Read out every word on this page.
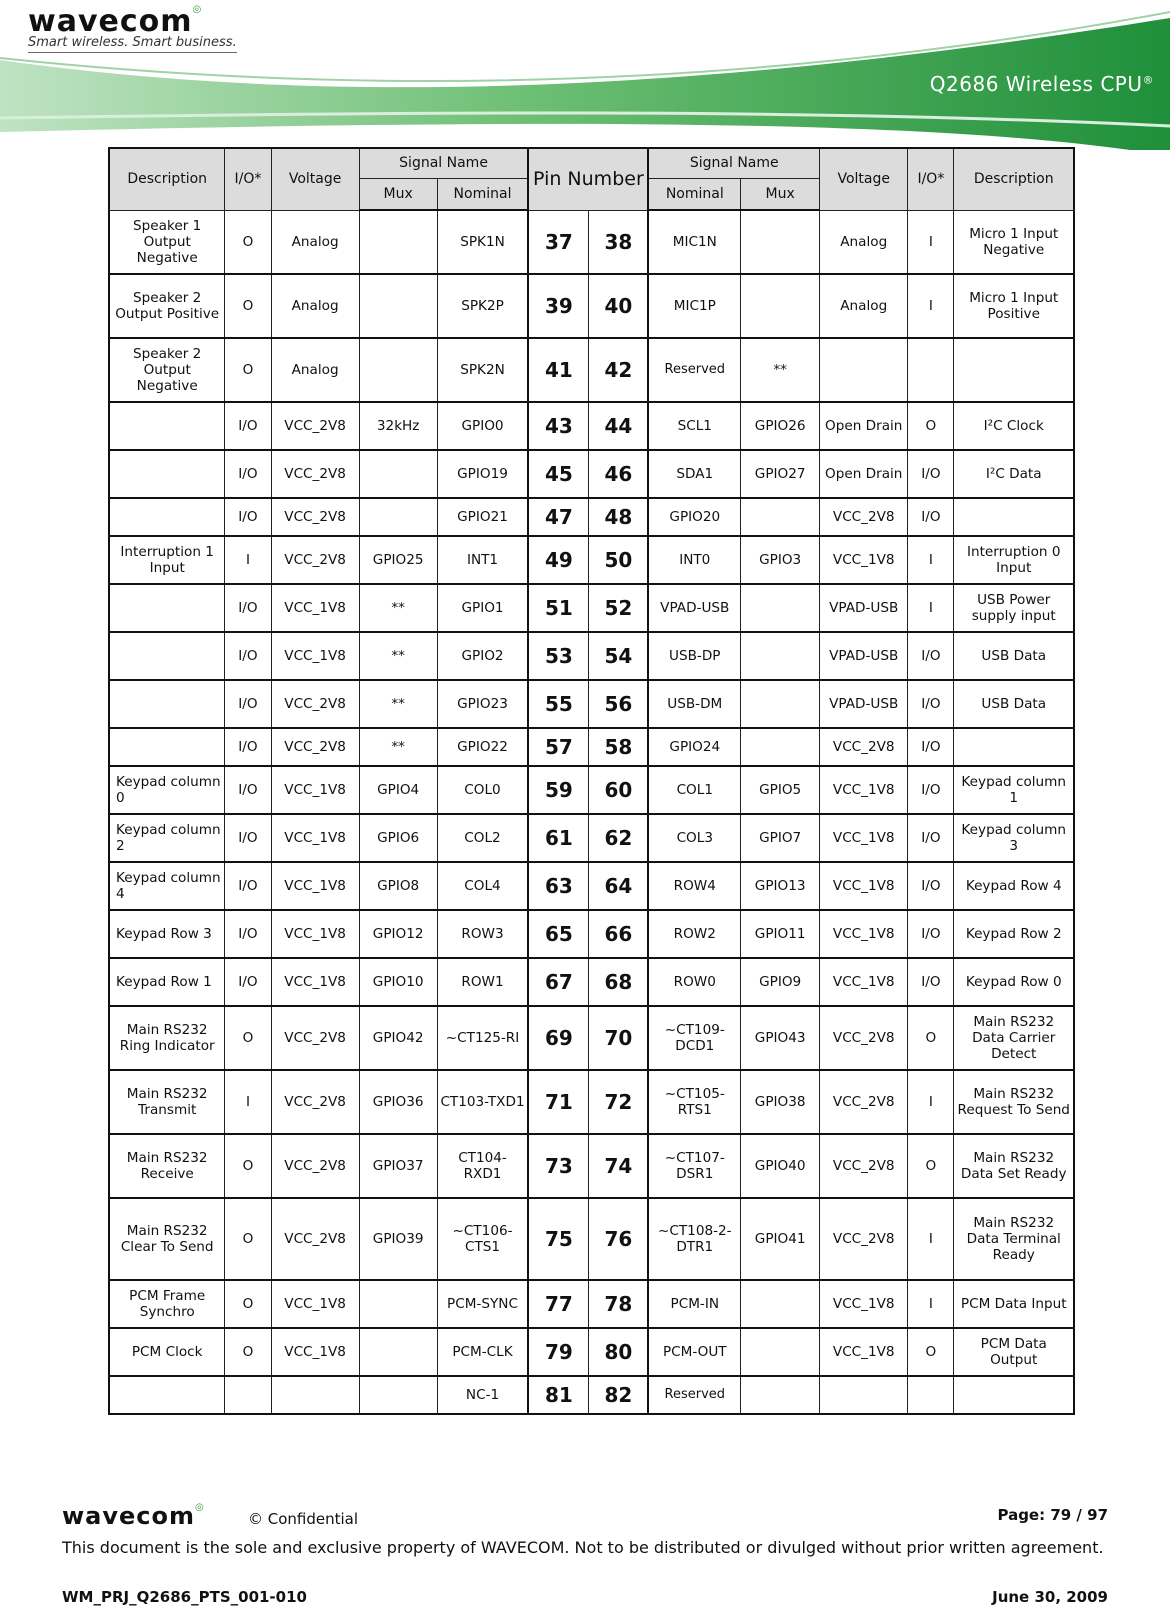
wavecom◎
Smart wireless. Smart business.
Q2686 Wireless CPU®
Description	I/O*	Voltage	Signal Name		Pin Number		Signal Name		Voltage	I/O*	Description
			Mux	Nominal			Nominal	Mux			
Speaker 1 Output Negative	O	Analog		SPK1N	37	38	MIC1N		Analog	I	Micro 1 Input Negative
Speaker 2 Output Positive	O	Analog		SPK2P	39	40	MIC1P		Analog	I	Micro 1 Input Positive
Speaker 2 Output Negative	O	Analog		SPK2N	41	42	Reserved	**			
	I/O	VCC_2V8	32kHz	GPIO0	43	44	SCL1	GPIO26	Open Drain	O	I²C Clock
	I/O	VCC_2V8		GPIO19	45	46	SDA1	GPIO27	Open Drain	I/O	I²C Data
	I/O	VCC_2V8		GPIO21	47	48	GPIO20		VCC_2V8	I/O	
Interruption 1 Input	I	VCC_2V8	GPIO25	INT1	49	50	INT0	GPIO3	VCC_1V8	I	Interruption 0 Input
	I/O	VCC_1V8	**	GPIO1	51	52	VPAD-USB		VPAD-USB	I	USB Power supply input
	I/O	VCC_1V8	**	GPIO2	53	54	USB-DP		VPAD-USB	I/O	USB Data
	I/O	VCC_2V8	**	GPIO23	55	56	USB-DM		VPAD-USB	I/O	USB Data
	I/O	VCC_2V8	**	GPIO22	57	58	GPIO24		VCC_2V8	I/O	
Keypad column 0	I/O	VCC_1V8	GPIO4	COL0	59	60	COL1	GPIO5	VCC_1V8	I/O	Keypad column 1
Keypad column 2	I/O	VCC_1V8	GPIO6	COL2	61	62	COL3	GPIO7	VCC_1V8	I/O	Keypad column 3
Keypad column 4	I/O	VCC_1V8	GPIO8	COL4	63	64	ROW4	GPIO13	VCC_1V8	I/O	Keypad Row 4
Keypad Row 3	I/O	VCC_1V8	GPIO12	ROW3	65	66	ROW2	GPIO11	VCC_1V8	I/O	Keypad Row 2
Keypad Row 1	I/O	VCC_1V8	GPIO10	ROW1	67	68	ROW0	GPIO9	VCC_1V8	I/O	Keypad Row 0
Main RS232 Ring Indicator	O	VCC_2V8	GPIO42	~CT125-RI	69	70	~CT109-DCD1	GPIO43	VCC_2V8	O	Main RS232 Data Carrier Detect
Main RS232 Transmit	I	VCC_2V8	GPIO36	CT103-TXD1	71	72	~CT105-RTS1	GPIO38	VCC_2V8	I	Main RS232 Request To Send
Main RS232 Receive	O	VCC_2V8	GPIO37	CT104-RXD1	73	74	~CT107-DSR1	GPIO40	VCC_2V8	O	Main RS232 Data Set Ready
Main RS232 Clear To Send	O	VCC_2V8	GPIO39	~CT106-CTS1	75	76	~CT108-2-DTR1	GPIO41	VCC_2V8	I	Main RS232 Data Terminal Ready
PCM Frame Synchro	O	VCC_1V8		PCM-SYNC	77	78	PCM-IN		VCC_1V8	I	PCM Data Input
PCM Clock	O	VCC_1V8		PCM-CLK	79	80	PCM-OUT		VCC_1V8	O	PCM Data Output
				NC-1	81	82	Reserved				
wavecom◎
© Confidential	Page: 79 / 97
This document is the sole and exclusive property of WAVECOM. Not to be distributed or divulged without prior written agreement.
WM_PRJ_Q2686_PTS_001-010	June 30, 2009
